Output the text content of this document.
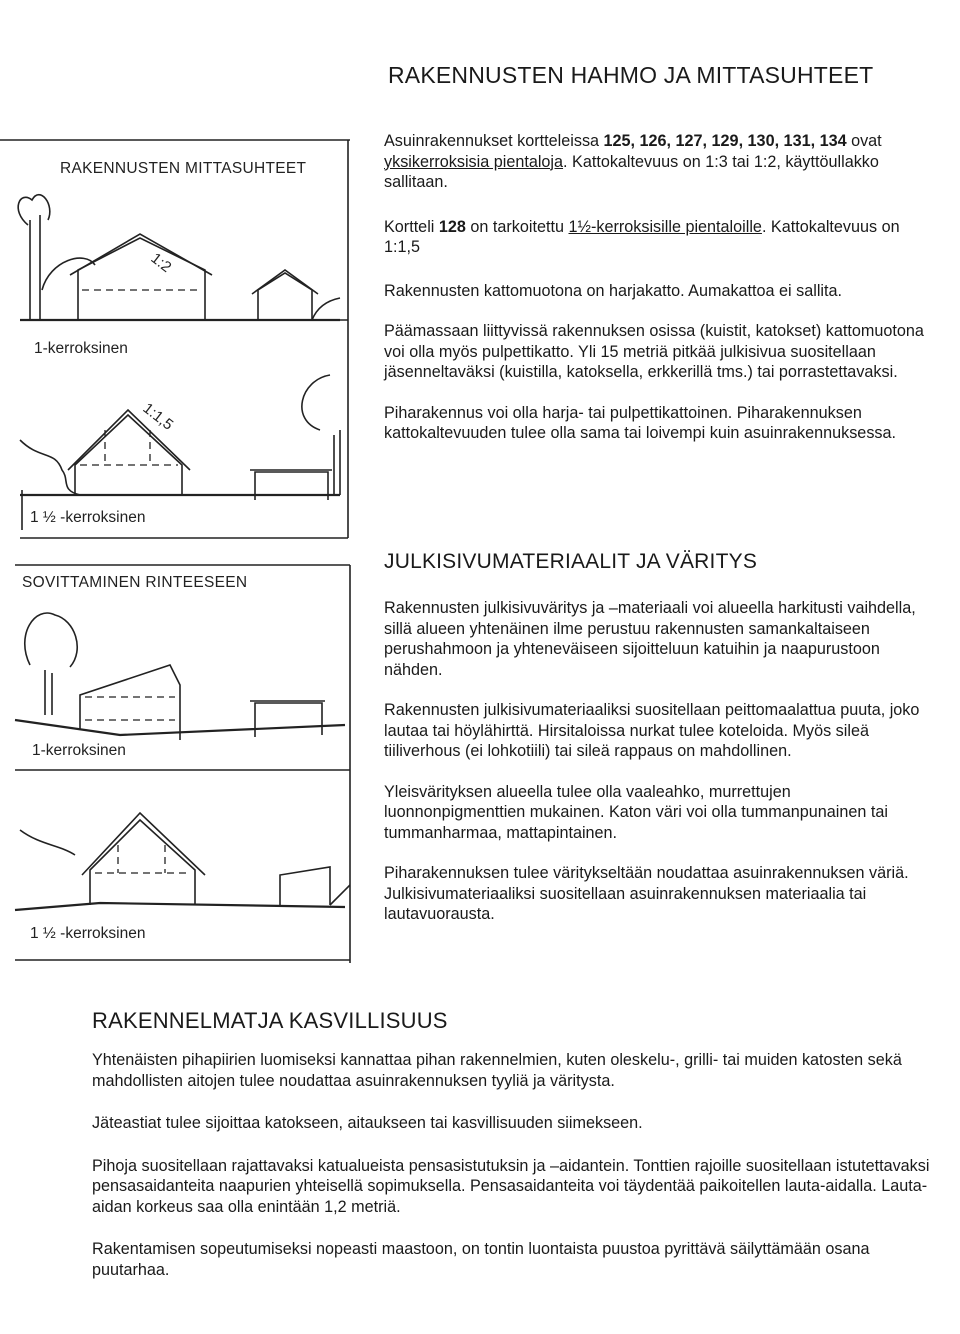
RAKENNUSTEN HAHMO JA MITTASUHTEET
1:2
1:1,5
RAKENNUSTEN MITTASUHTEET
1-kerroksinen
1 ½ -kerroksinen
SOVITTAMINEN RINTEESEEN
1-kerroksinen
1 ½ -kerroksinen

Asuinrakennukset kortteleissa 125, 126, 127, 129, 130, 131, 134 ovat yksikerroksisia pientaloja. Kattokaltevuus on 1:3 tai 1:2, käyttöullakko sallitaan.

Kortteli 128 on tarkoitettu 1½-kerroksisille pientaloille. Kattokaltevuus on 1:1,5

Rakennusten kattomuotona on harjakatto. Aumakattoa ei sallita.

Päämassaan liittyvissä rakennuksen osissa (kuistit, katokset) kattomuotona voi olla myös pulpettikatto. Yli 15 metriä pitkää julkisivua suositellaan jäsenneltaväksi (kuistilla, katoksella, erkkerillä tms.) tai porrastettavaksi.

Piharakennus voi olla harja- tai pulpettikattoinen. Piharakennuksen kattokaltevuuden tulee olla sama tai loivempi kuin asuinrakennuksessa.

JULKISIVUMATERIAALIT JA VÄRITYS

Rakennusten julkisivuväritys ja –materiaali voi alueella harkitusti vaihdella, sillä alueen yhtenäinen ilme perustuu rakennusten samankaltaiseen perushahmoon ja yhteneväiseen sijoitteluun katuihin ja naapurustoon nähden.

Rakennusten julkisivumateriaaliksi suositellaan peittomaalattua puuta, joko lautaa tai höylähirttä. Hirsitaloissa nurkat tulee koteloida. Myös sileä tiiliverhous (ei lohkotiili) tai sileä rappaus on mahdollinen.

Yleisvärityksen alueella tulee olla vaaleahko, murrettujen luonnonpigmenttien mukainen. Katon väri voi olla tummanpunainen tai tummanharmaa, mattapintainen.

Piharakennuksen tulee väritykseltään noudattaa asuinrakennuksen väriä. Julkisivumateriaaliksi suositellaan asuinrakennuksen materiaalia tai lautavuorausta.

RAKENNELMATJA KASVILLISUUS

Yhtenäisten pihapiirien luomiseksi kannattaa pihan rakennelmien, kuten oleskelu-, grilli- tai muiden katosten sekä mahdollisten aitojen tulee noudattaa asuinrakennuksen tyyliä ja väritysta.

Jäteastiat tulee sijoittaa katokseen, aitaukseen tai kasvillisuuden siimekseen.

Pihoja suositellaan rajattavaksi katualueista pensasistutuksin ja –aidantein. Tonttien rajoille suositellaan istutettavaksi pensasaidanteita naapurien yhteisellä sopimuksella. Pensasaidanteita voi täydentää paikoitellen lauta-aidalla. Lauta-aidan korkeus saa olla enintään 1,2 metriä.

Rakentamisen sopeutumiseksi nopeasti maastoon, on tontin luontaista puustoa pyrittävä säilyttämään osana puutarhaa.
